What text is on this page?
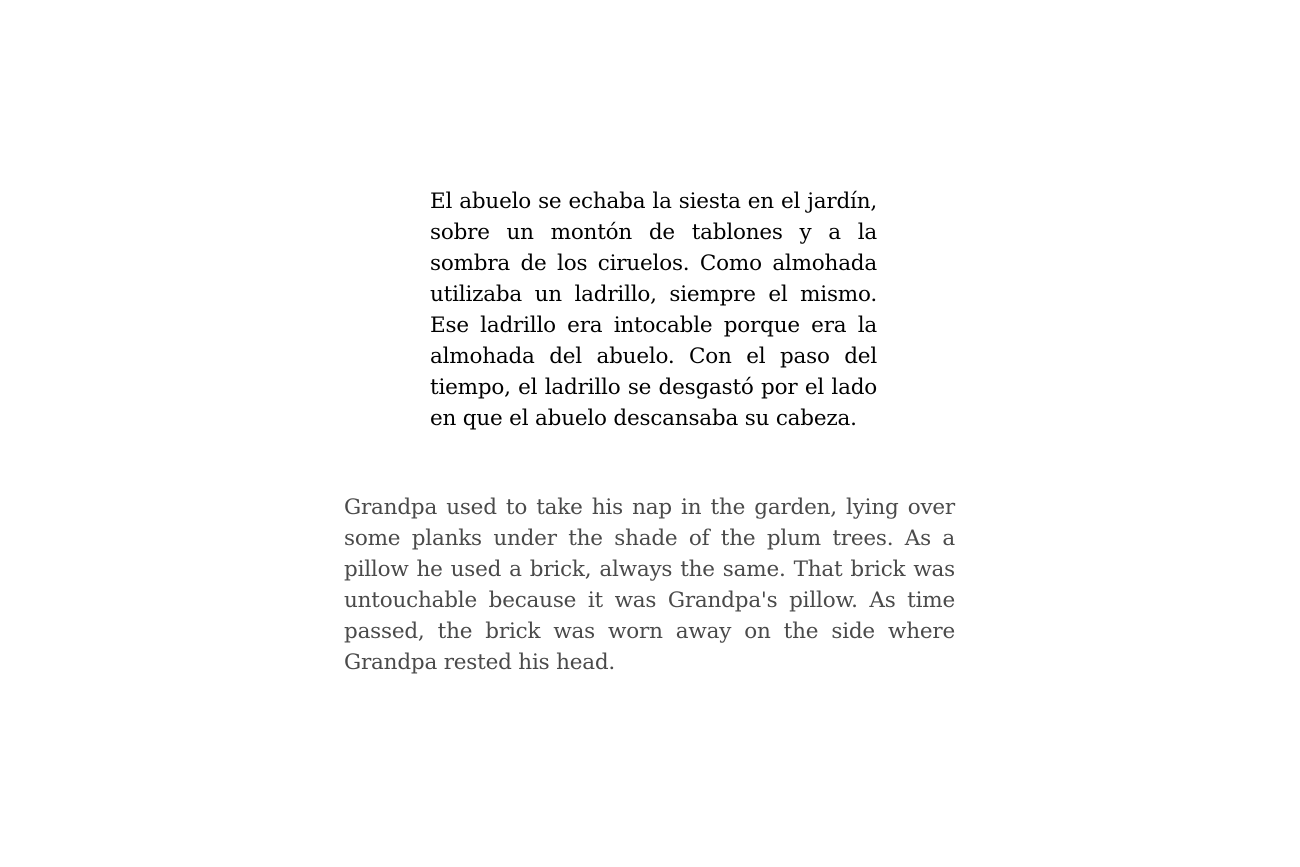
El abuelo se echaba la siesta en el jardín, sobre un montón de tablones y a la sombra de los ciruelos. Como almohada utilizaba un ladrillo, siempre el mismo. Ese ladrillo era intocable porque era la almohada del abuelo. Con el paso del tiempo, el ladrillo se desgastó por el lado en que el abuelo descansaba su cabeza.

Grandpa used to take his nap in the garden, lying over some planks under the shade of the plum trees. As a pillow he used a brick, always the same. That brick was untouchable because it was Grandpa's pillow. As time passed, the brick was worn away on the side where Grandpa rested his head.
